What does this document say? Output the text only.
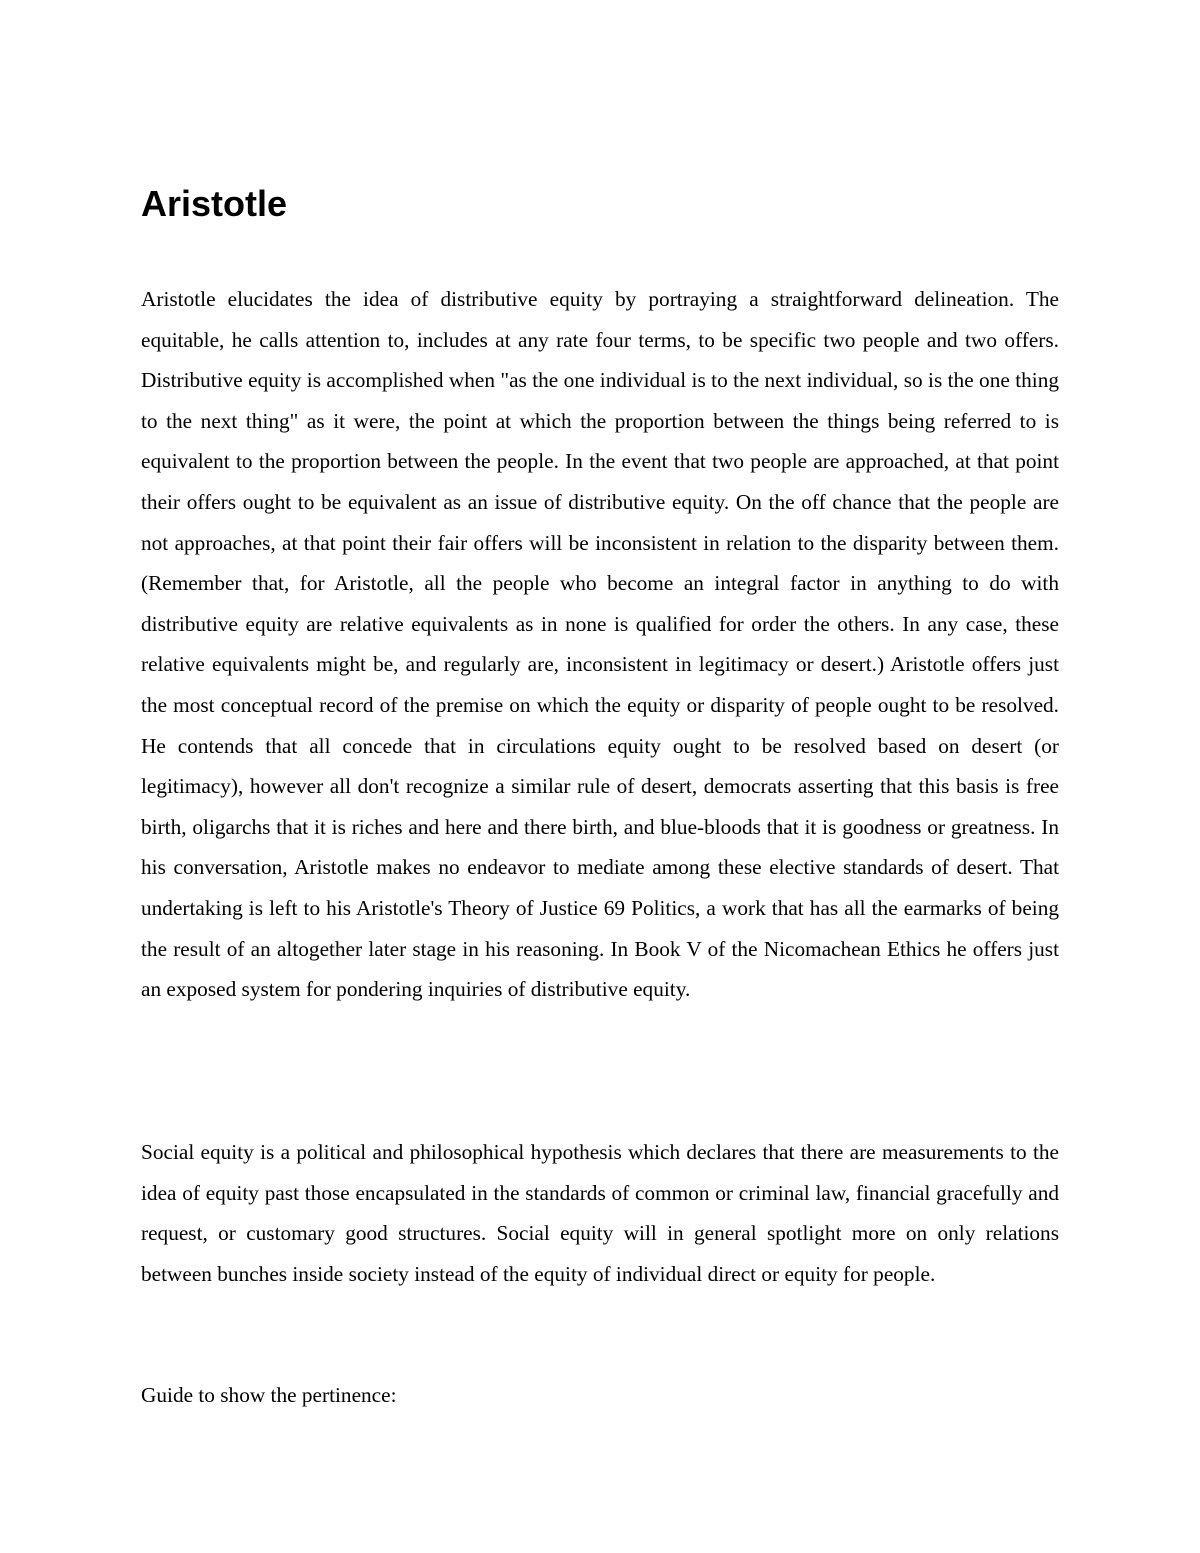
Aristotle

Aristotle elucidates the idea of distributive equity by portraying a straightforward delineation. The equitable, he calls attention to, includes at any rate four terms, to be specific two people and two offers. Distributive equity is accomplished when "as the one individual is to the next individual, so is the one thing to the next thing" as it were, the point at which the proportion between the things being referred to is equivalent to the proportion between the people. In the event that two people are approached, at that point their offers ought to be equivalent as an issue of distributive equity. On the off chance that the people are not approaches, at that point their fair offers will be inconsistent in relation to the disparity between them. (Remember that, for Aristotle, all the people who become an integral factor in anything to do with distributive equity are relative equivalents as in none is qualified for order the others. In any case, these relative equivalents might be, and regularly are, inconsistent in legitimacy or desert.) Aristotle offers just the most conceptual record of the premise on which the equity or disparity of people ought to be resolved. He contends that all concede that in circulations equity ought to be resolved based on desert (or legitimacy), however all don't recognize a similar rule of desert, democrats asserting that this basis is free birth, oligarchs that it is riches and here and there birth, and blue-bloods that it is goodness or greatness. In his conversation, Aristotle makes no endeavor to mediate among these elective standards of desert. That undertaking is left to his Aristotle's Theory of Justice 69 Politics, a work that has all the earmarks of being the result of an altogether later stage in his reasoning. In Book V of the Nicomachean Ethics he offers just an exposed system for pondering inquiries of distributive equity.

Social equity is a political and philosophical hypothesis which declares that there are measurements to the idea of equity past those encapsulated in the standards of common or criminal law, financial gracefully and request, or customary good structures. Social equity will in general spotlight more on only relations between bunches inside society instead of the equity of individual direct or equity for people.

Guide to show the pertinence:
